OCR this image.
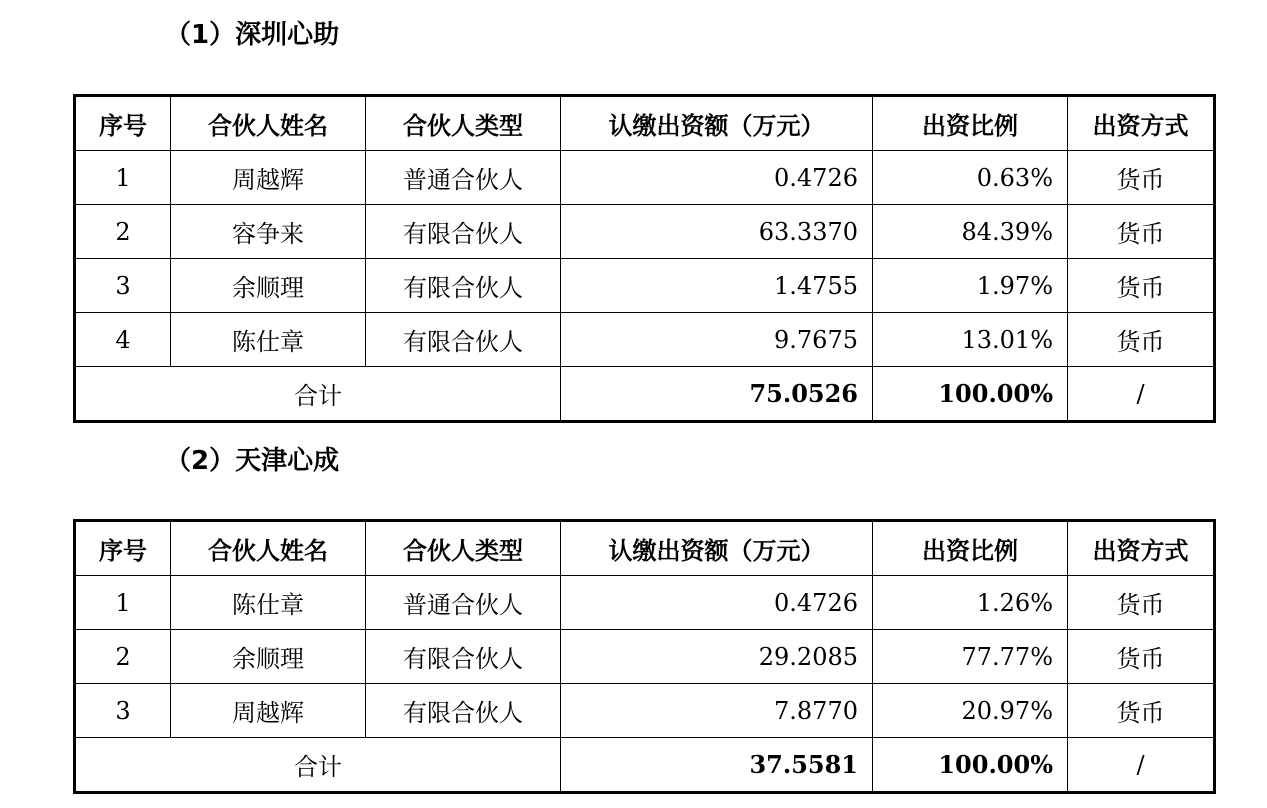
（1）深圳心助
序号	合伙人姓名	合伙人类型	认缴出资额（万元）	出资比例	出资方式
1	周越辉	普通合伙人	0.4726	0.63%	货币
2	容争来	有限合伙人	63.3370	84.39%	货币
3	余顺理	有限合伙人	1.4755	1.97%	货币
4	陈仕章	有限合伙人	9.7675	13.01%	货币
合计			75.0526	100.00%	/
（2）天津心成
序号	合伙人姓名	合伙人类型	认缴出资额（万元）	出资比例	出资方式
1	陈仕章	普通合伙人	0.4726	1.26%	货币
2	余顺理	有限合伙人	29.2085	77.77%	货币
3	周越辉	有限合伙人	7.8770	20.97%	货币
合计			37.5581	100.00%	/
